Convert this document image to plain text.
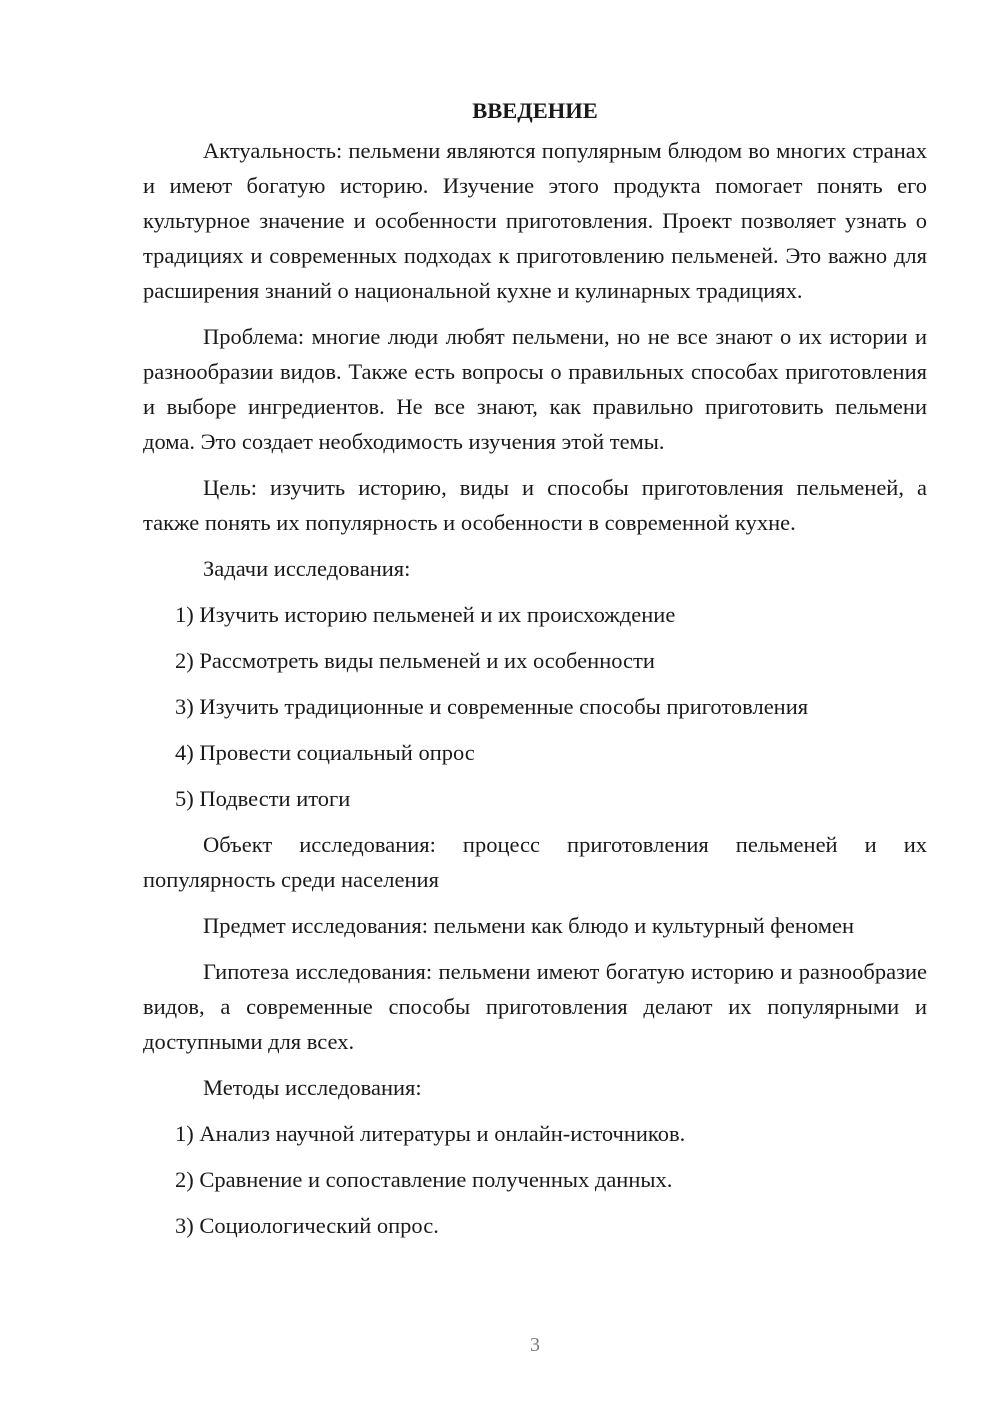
ВВЕДЕНИЕ

Актуальность: пельмени являются популярным блюдом во многих странах и имеют богатую историю. Изучение этого продукта помогает понять его культурное значение и особенности приготовления. Проект позволяет узнать о традициях и современных подходах к приготовлению пельменей. Это важно для расширения знаний о национальной кухне и кулинарных традициях.

Проблема: многие люди любят пельмени, но не все знают о их истории и разнообразии видов. Также есть вопросы о правильных способах приготовления и выборе ингредиентов. Не все знают, как правильно приготовить пельмени дома. Это создает необходимость изучения этой темы.

Цель: изучить историю, виды и способы приготовления пельменей, а также понять их популярность и особенности в современной кухне.

Задачи исследования:

1) Изучить историю пельменей и их происхождение
2) Рассмотреть виды пельменей и их особенности
3) Изучить традиционные и современные способы приготовления
4) Провести социальный опрос
5) Подвести итоги

Объект исследования: процесс приготовления пельменей и их популярность среди населения

Предмет исследования: пельмени как блюдо и культурный феномен

Гипотеза исследования: пельмени имеют богатую историю и разнообразие видов, а современные способы приготовления делают их популярными и доступными для всех.

Методы исследования:

1) Анализ научной литературы и онлайн-источников.
2) Сравнение и сопоставление полученных данных.
3) Социологический опрос.
3
